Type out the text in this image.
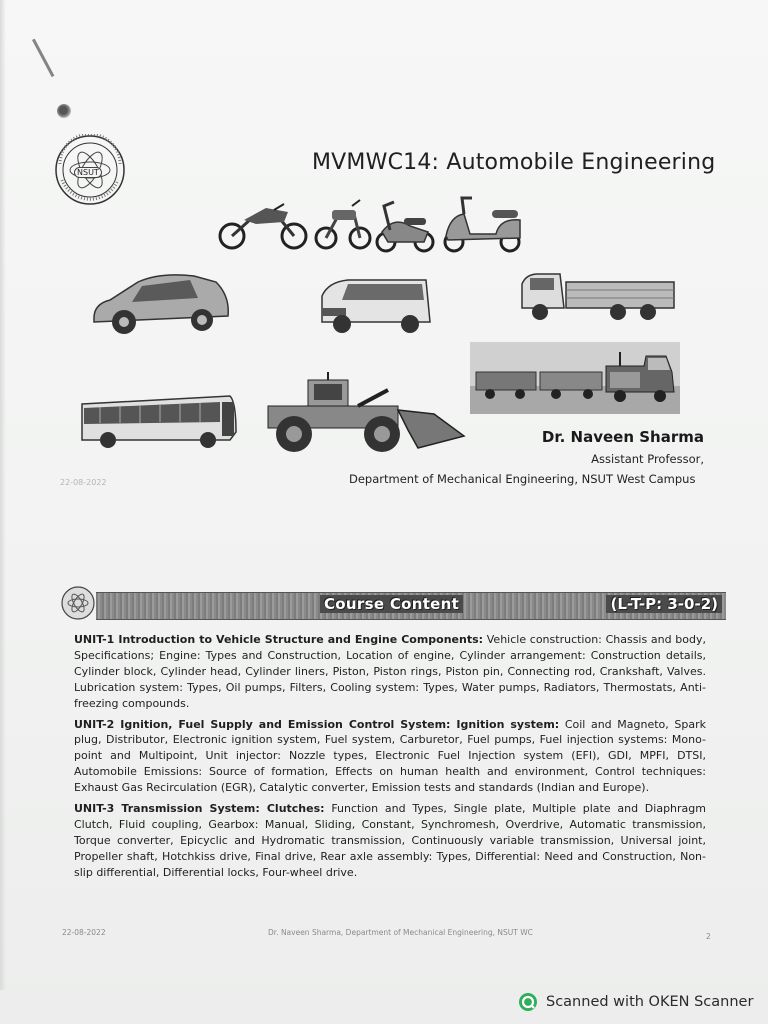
NSUT	MVMWC14: Automobile Engineering
Dr. Naveen Sharma
Assistant Professor,
Department of Mechanical Engineering, NSUT West Campus
22-08-2022
Course Content	(L-T-P: 3-0-2)

UNIT-1 Introduction to Vehicle Structure and Engine Components: Vehicle construction: Chassis and body, Specifications; Engine: Types and Construction, Location of engine, Cylinder arrangement: Construction details, Cylinder block, Cylinder head, Cylinder liners, Piston, Piston rings, Piston pin, Connecting rod, Crankshaft, Valves. Lubrication system: Types, Oil pumps, Filters, Cooling system: Types, Water pumps, Radiators, Thermostats, Anti-freezing compounds.

UNIT-2 Ignition, Fuel Supply and Emission Control System: Ignition system: Coil and Magneto, Spark plug, Distributor, Electronic ignition system, Fuel system, Carburetor, Fuel pumps, Fuel injection systems: Mono-point and Multipoint, Unit injector: Nozzle types, Electronic Fuel Injection system (EFI), GDI, MPFI, DTSI, Automobile Emissions: Source of formation, Effects on human health and environment, Control techniques: Exhaust Gas Recirculation (EGR), Catalytic converter, Emission tests and standards (Indian and Europe).

UNIT-3 Transmission System: Clutches: Function and Types, Single plate, Multiple plate and Diaphragm Clutch, Fluid coupling, Gearbox: Manual, Sliding, Constant, Synchromesh, Overdrive, Automatic transmission, Torque converter, Epicyclic and Hydromatic transmission, Continuously variable transmission, Universal joint, Propeller shaft, Hotchkiss drive, Final drive, Rear axle assembly: Types, Differential: Need and Construction, Non-slip differential, Differential locks, Four-wheel drive.

22-08-2022	Dr. Naveen Sharma, Department of Mechanical Engineering, NSUT WC	2
Scanned with OKEN Scanner
